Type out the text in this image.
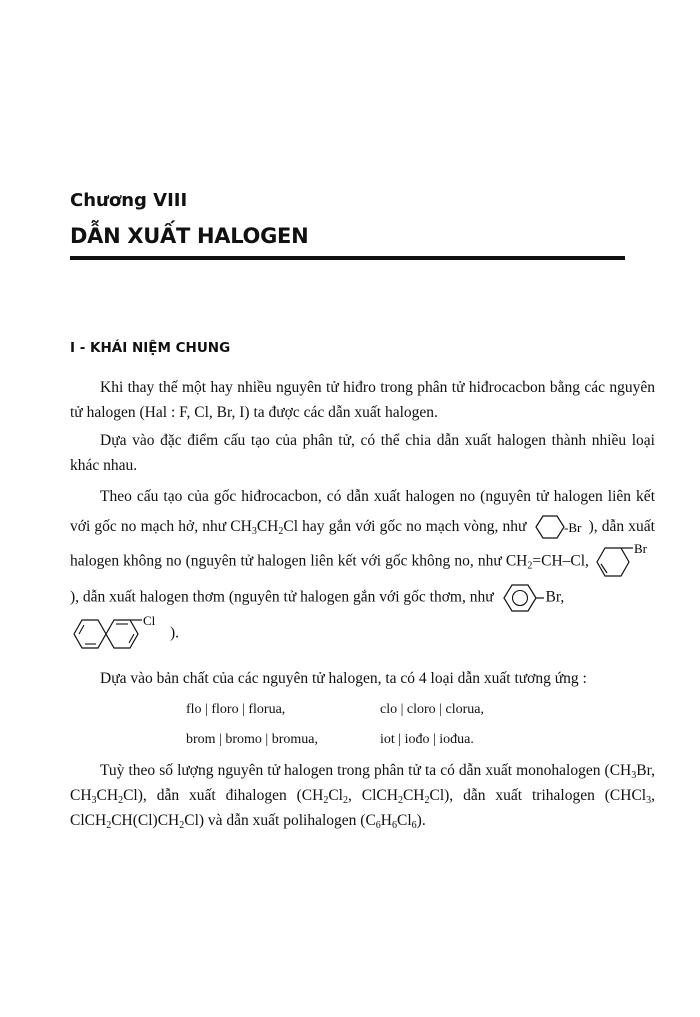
Chương VIII
DẪN XUẤT HALOGEN
I - KHÁI NIỆM CHUNG

Khi thay thế một hay nhiều nguyên tử hiđro trong phân tử hiđrocacbon bằng các nguyên tử halogen (Hal : F, Cl, Br, I) ta được các dẫn xuất halogen.

Dựa vào đặc điểm cấu tạo của phân tử, có thể chia dẫn xuất halogen thành nhiều loại khác nhau.

Theo cấu tạo của gốc hiđrocacbon, có dẫn xuất halogen no (nguyên tử halogen liên kết với gốc no mạch hở, như $CH_3CH_2Cl$ hay gắn với gốc no mạch vòng, như	-Br ), dẫn xuất halogen không no (nguyên tử halogen liên kết với gốc không no, như $CH_2=CH-Cl$,
Br
), dẫn xuất halogen thơm (nguyên tử halogen gắn với gốc thơm, như	Br,

Cl
).

Dựa vào bản chất của các nguyên tử halogen, ta có 4 loại dẫn xuất tương ứng :

flo | floro | florua,	clo | cloro | clorua,
brom | bromo | bromua,	iot | iođo | iođua.

Tuỳ theo số lượng nguyên tử halogen trong phân tử ta có dẫn xuất monohalogen ($CH_3Br$, $CH_3CH_2Cl$), dẫn xuất đihalogen ($CH_2Cl_2$, $ClCH_2CH_2Cl$), dẫn xuất trihalogen (CHCl$_3$, $ClCH_2CH(Cl)CH_2Cl$) và dẫn xuất polihalogen $(C_6H_6Cl_6)$.
